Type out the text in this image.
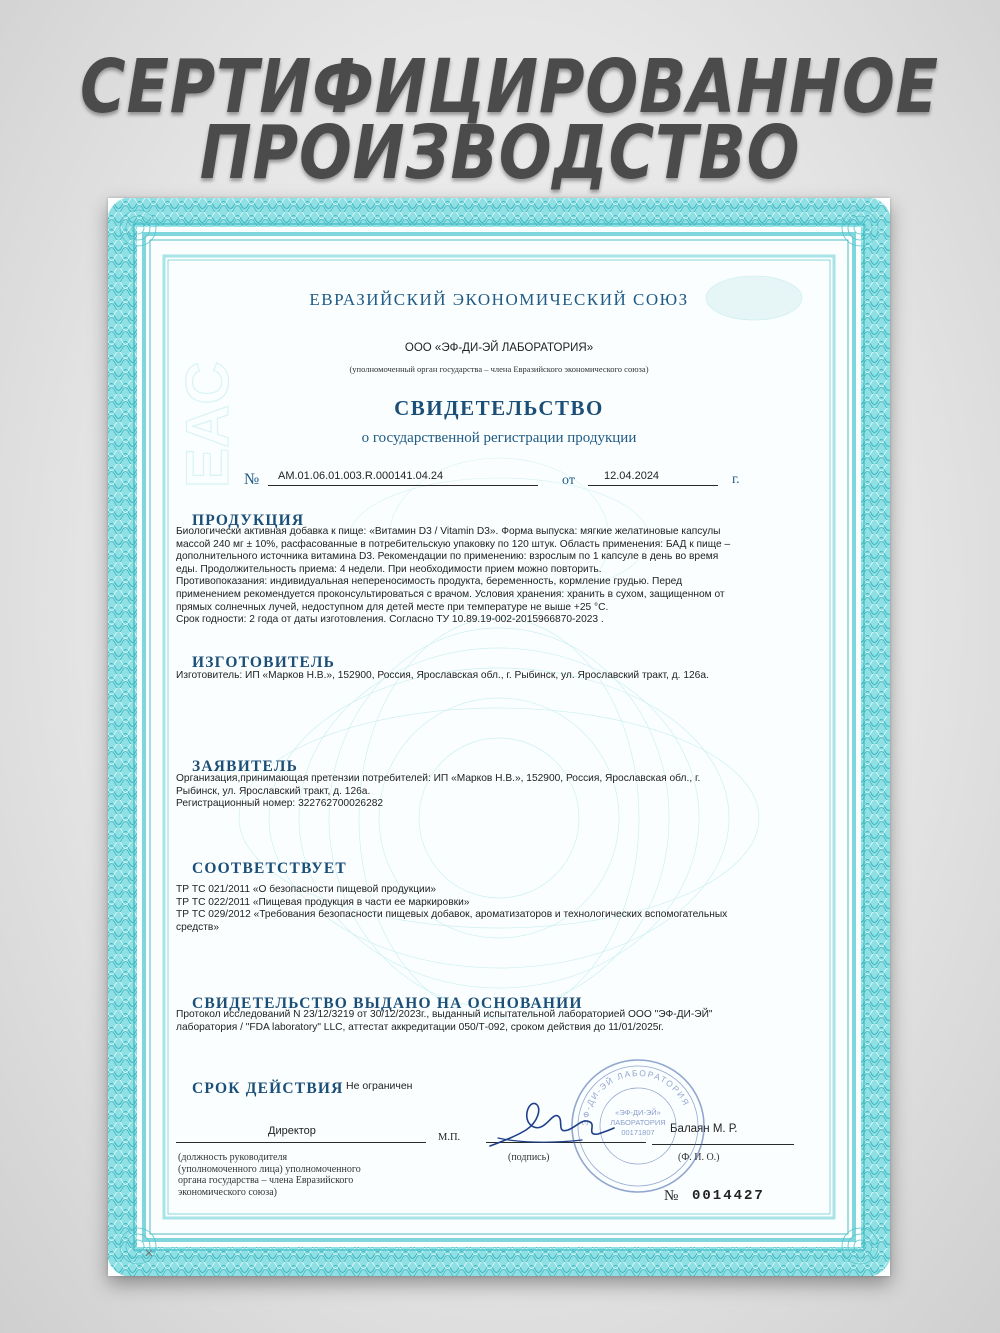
СЕРТИФИЦИРОВАННОЕ
ПРОИЗВОДСТВО
EAC
ЕВРАЗИЙСКИЙ ЭКОНОМИЧЕСКИЙ СОЮЗ
ООО «ЭФ-ДИ-ЭЙ ЛАБОРАТОРИЯ»
(уполномоченный орган государства – члена Евразийского экономического союза)
СВИДЕТЕЛЬСТВО
о государственной регистрации продукции
№ AM.01.06.01.003.R.000141.04.24	от	12.04.2024	г.
ПРОДУКЦИЯ
Биологически активная добавка к пище: «Витамин D3 / Vitamin D3». Форма выпуска: мягкие желатиновые капсулы
массой 240 мг ± 10%, расфасованные в потребительскую упаковку по 120 штук. Область применения: БАД к пище –
дополнительного источника витамина D3. Рекомендации по применению: взрослым по 1 капсуле в день во время
еды. Продолжительность приема: 4 недели. При необходимости прием можно повторить.
Противопоказания: индивидуальная непереносимость продукта, беременность, кормление грудью. Перед
применением рекомендуется проконсультироваться с врачом. Условия хранения: хранить в сухом, защищенном от
прямых солнечных лучей, недоступном для детей месте при температуре не выше +25 °С.
Срок годности: 2 года от даты изготовления. Согласно ТУ 10.89.19-002-2015966870-2023 .
ИЗГОТОВИТЕЛЬ
Изготовитель: ИП «Марков Н.В.», 152900, Россия, Ярославская обл., г. Рыбинск, ул. Ярославский тракт, д. 126а.
ЗАЯВИТЕЛЬ
Организация,принимающая претензии потребителей: ИП «Марков Н.В.», 152900, Россия, Ярославская обл., г.
Рыбинск, ул. Ярославский тракт, д. 126а.
Регистрационный номер: 322762700026282
СООТВЕТСТВУЕТ
ТР ТС 021/2011 «О безопасности пищевой продукции»
ТР ТС 022/2011 «Пищевая продукция в части ее маркировки»
ТР ТС 029/2012 «Требования безопасности пищевых добавок, ароматизаторов и технологических вспомогательных
средств»
СВИДЕТЕЛЬСТВО ВЫДАНО НА ОСНОВАНИИ
Протокол исследований N 23/12/3219 от 30/12/2023г., выданный испытательной лабораторией ООО "ЭФ-ДИ-ЭЙ"
лаборатория / "FDA laboratory" LLC, аттестат аккредитации 050/Т-092, сроком действия до 11/01/2025г.
СРОК ДЕЙСТВИЯ Не ограничен
Директор
М.П.
Балаян М. Р.
(должность руководителя
(уполномоченного лица) уполномоченного
органа государства – члена Евразийского
экономического союза)
(подпись)	(Ф. И. О.)
ЭФ-ДИ-ЭЙ ЛАБОРАТОРИЯ
«ЭФ-ДИ-ЭЙ»
ЛАБОРАТОРИЯ
00171807
№ 0014427
